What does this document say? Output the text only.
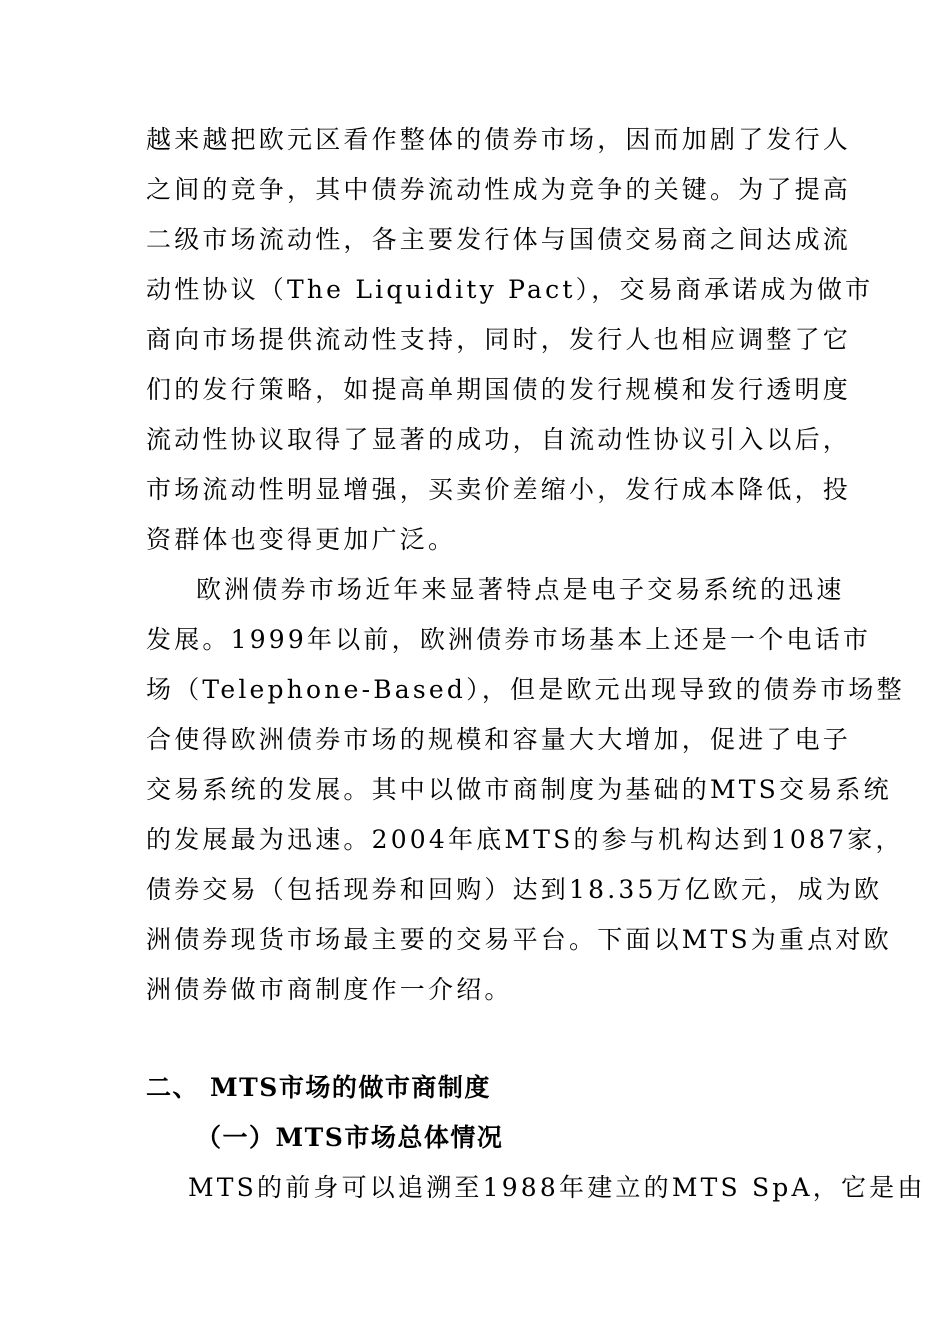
越来越把欧元区看作整体的债券市场，因而加剧了发行人
之间的竞争，其中债券流动性成为竞争的关键。为了提高
二级市场流动性，各主要发行体与国债交易商之间达成流
动性协议（The Liquidity Pact），交易商承诺成为做市
商向市场提供流动性支持，同时，发行人也相应调整了它
们的发行策略，如提高单期国债的发行规模和发行透明度
流动性协议取得了显著的成功，自流动性协议引入以后，
市场流动性明显增强，买卖价差缩小，发行成本降低，投
资群体也变得更加广泛。
欧洲债券市场近年来显著特点是电子交易系统的迅速
发展。1999年以前，欧洲债券市场基本上还是一个电话市
场（Telephone-Based），但是欧元出现导致的债券市场整
合使得欧洲债券市场的规模和容量大大增加，促进了电子
交易系统的发展。其中以做市商制度为基础的MTS交易系统
的发展最为迅速。2004年底MTS的参与机构达到1087家，
债券交易（包括现券和回购）达到18.35万亿欧元，成为欧
洲债券现货市场最主要的交易平台。下面以MTS为重点对欧
洲债券做市商制度作一介绍。
二、 MTS市场的做市商制度
（一）MTS市场总体情况
MTS的前身可以追溯至1988年建立的MTS SpA，它是由
